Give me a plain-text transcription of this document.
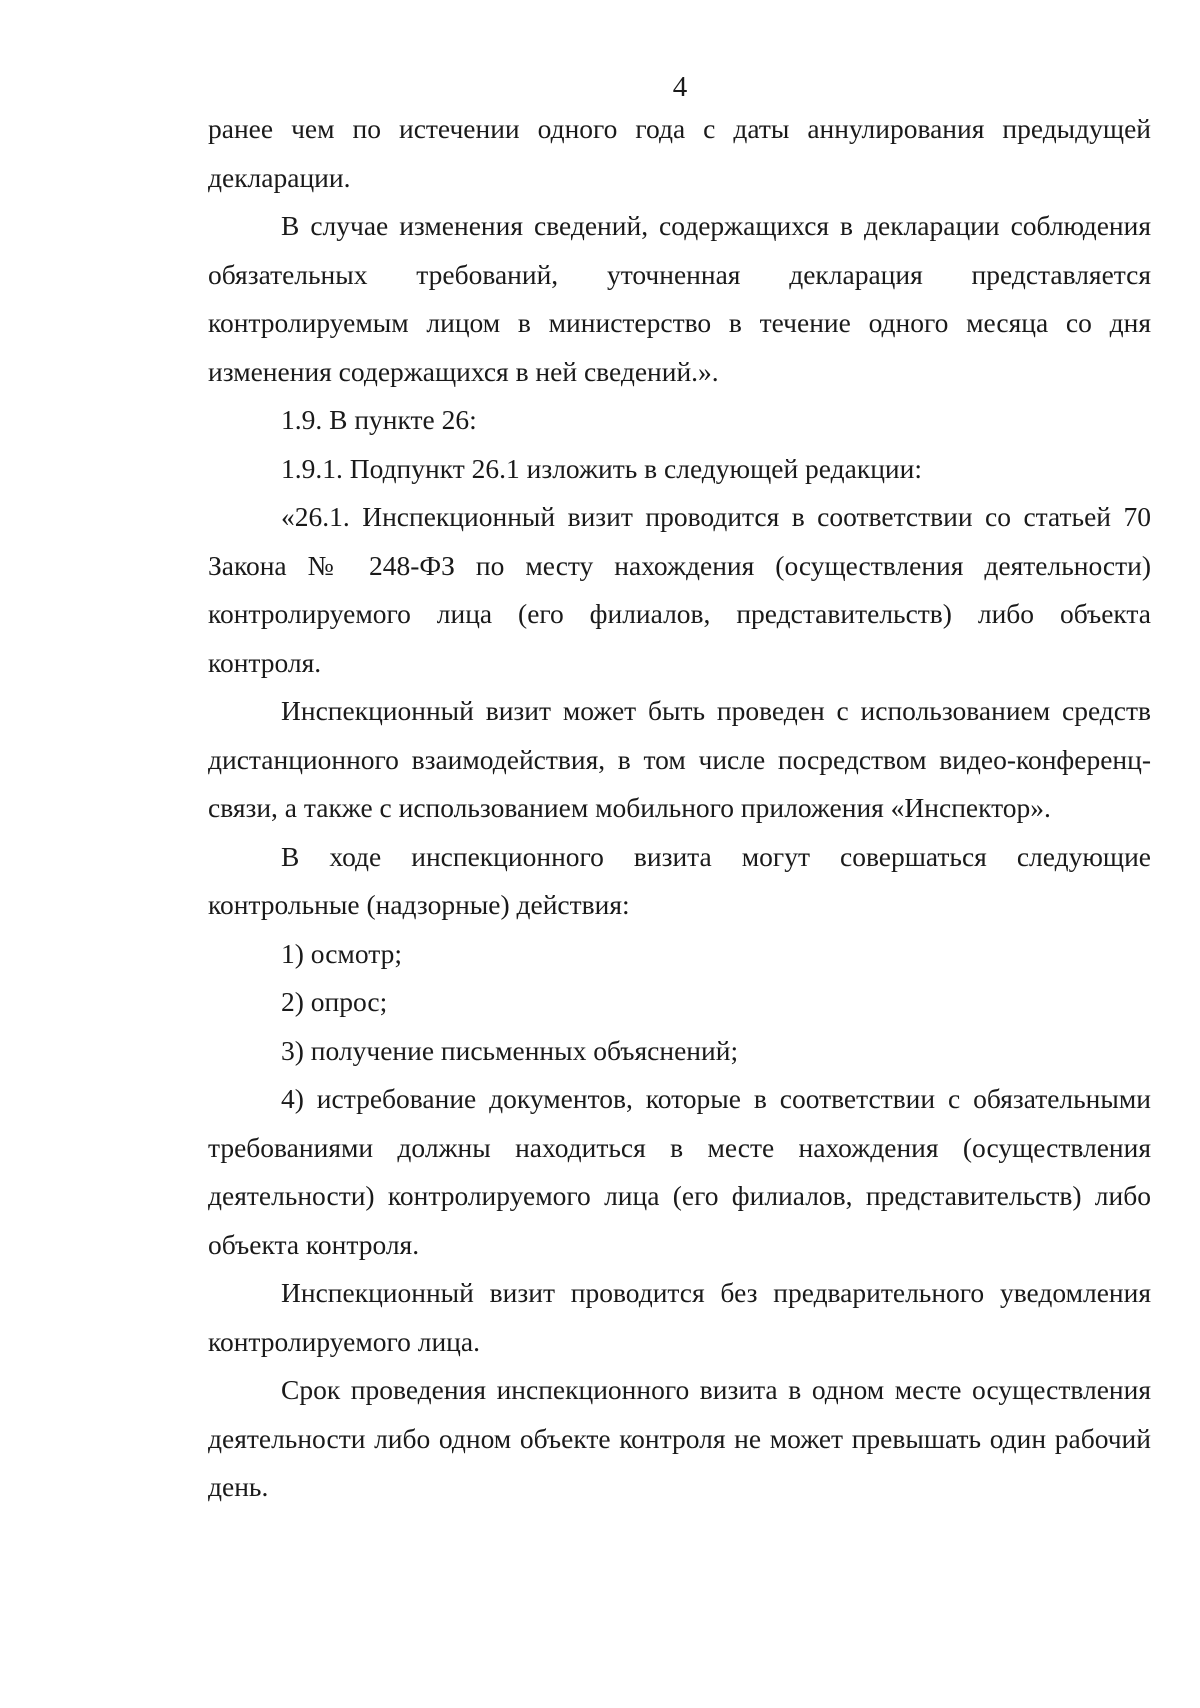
4

ранее чем по истечении одного года с даты аннулирования предыдущей декларации.

В случае изменения сведений, содержащихся в декларации соблюдения обязательных требований, уточненная декларация представляется контролируемым лицом в министерство в течение одного месяца со дня изменения содержащихся в ней сведений.».

1.9. В пункте 26:

1.9.1. Подпункт 26.1 изложить в следующей редакции:

«26.1. Инспекционный визит проводится в соответствии со статьей 70 Закона № 248-ФЗ по месту нахождения (осуществления деятельности) контролируемого лица (его филиалов, представительств) либо объекта контроля.

Инспекционный визит может быть проведен с использованием средств дистанционного взаимодействия, в том числе посредством видео-конференц-связи, а также с использованием мобильного приложения «Инспектор».

В ходе инспекционного визита могут совершаться следующие контрольные (надзорные) действия:

1) осмотр;

2) опрос;

3) получение письменных объяснений;

4) истребование документов, которые в соответствии с обязательными требованиями должны находиться в месте нахождения (осуществления деятельности) контролируемого лица (его филиалов, представительств) либо объекта контроля.

Инспекционный визит проводится без предварительного уведомления контролируемого лица.

Срок проведения инспекционного визита в одном месте осуществления деятельности либо одном объекте контроля не может превышать один рабочий день.
